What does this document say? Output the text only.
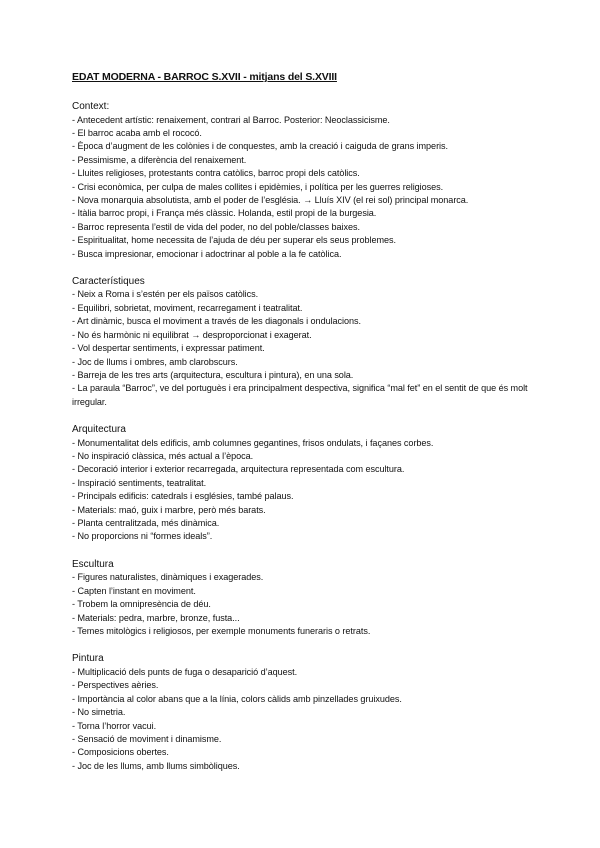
EDAT MODERNA - BARROC S.XVII - mitjans del S.XVIII
Context:
- Antecedent artístic: renaixement, contrari al Barroc. Posterior: Neoclassicisme.
- El barroc acaba amb el rococó.
- Època d’augment de les colònies i de conquestes, amb la creació i caiguda de grans imperis.
- Pessimisme, a diferència del renaixement.
- Lluites religioses, protestants contra catòlics, barroc propi dels catòlics.
- Crisi econòmica, per culpa de males collites i epidèmies, i política per les guerres religioses.
- Nova monarquia absolutista, amb el poder de l’església. → Lluís XIV (el rei sol) principal monarca.
- Itàlia barroc propi, i França més clàssic. Holanda, estil propi de la burgesia.
- Barroc representa l’estil de vida del poder, no del poble/classes baixes.
- Espiritualitat, home necessita de l’ajuda de déu per superar els seus problemes.
- Busca impresionar, emocionar i adoctrinar al poble a la fe catòlica.
Característiques
- Neix a Roma i s’estén per els països catòlics.
- Equilibri, sobrietat, moviment, recarregament i teatralitat.
- Art dinàmic, busca el moviment a través de les diagonals i ondulacions.
- No és harmònic ni equilibrat → desproporcionat i exagerat.
- Vol despertar sentiments, i expressar patiment.
- Joc de llums i ombres, amb clarobscurs.
- Barreja de les tres arts (arquitectura, escultura i pintura), en una sola.
- La paraula “Barroc”, ve del portuguès i era principalment despectiva, significa “mal fet” en el sentit de que és molt irregular.
Arquitectura
- Monumentalitat dels edificis, amb columnes gegantines, frisos ondulats, i façanes corbes.
- No inspiració clàssica, més actual a l’època.
- Decoració interior i exterior recarregada, arquitectura representada com escultura.
- Inspiració sentiments, teatralitat.
- Principals edificis: catedrals i esglésies, també palaus.
- Materials: maó, guix i marbre, però més barats.
- Planta centralitzada, més dinàmica.
- No proporcions ni “formes ideals”.
Escultura
- Figures naturalistes, dinàmiques i exagerades.
- Capten l’instant en moviment.
- Trobem la omnipresència de déu.
- Materials: pedra, marbre, bronze, fusta...
- Temes mitològics i religiosos, per exemple monuments funeraris o retrats.
Pintura
- Multiplicació dels punts de fuga o desaparició d’aquest.
- Perspectives aèries.
- Importància al color abans que a la línia, colors càlids amb pinzellades gruixudes.
- No simetria.
- Torna l’horror vacui.
- Sensació de moviment i dinamisme.
- Composicions obertes.
- Joc de les llums, amb llums simbòliques.
